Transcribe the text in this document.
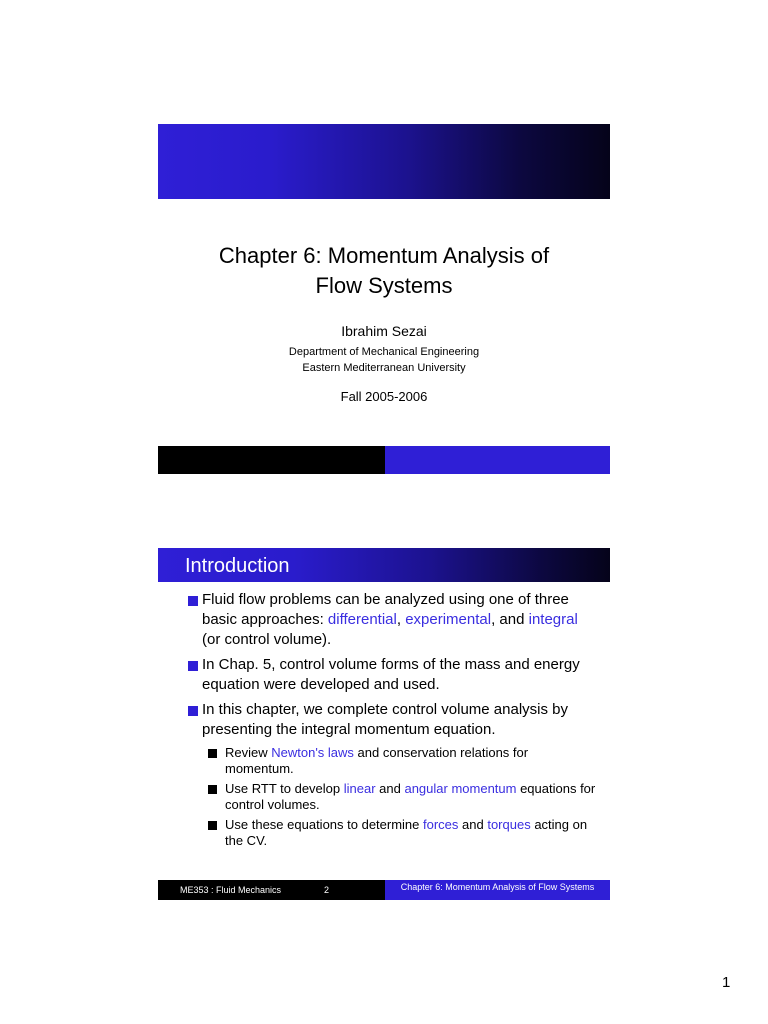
Chapter 6: Momentum Analysis of
Flow Systems
Ibrahim Sezai
Department of Mechanical Engineering
Eastern Mediterranean University
Fall 2005-2006
Introduction
Fluid flow problems can be analyzed using one of three basic approaches: differential, experimental, and integral (or control volume).
In Chap. 5, control volume forms of the mass and energy equation were developed and used.
In this chapter, we complete control volume analysis by presenting the integral momentum equation.
Review Newton's laws and conservation relations for momentum.
Use RTT to develop linear and angular momentum equations for control volumes.
Use these equations to determine forces and torques acting on the CV.
ME353 : Fluid Mechanics	2	Chapter 6: Momentum Analysis of Flow Systems
1
